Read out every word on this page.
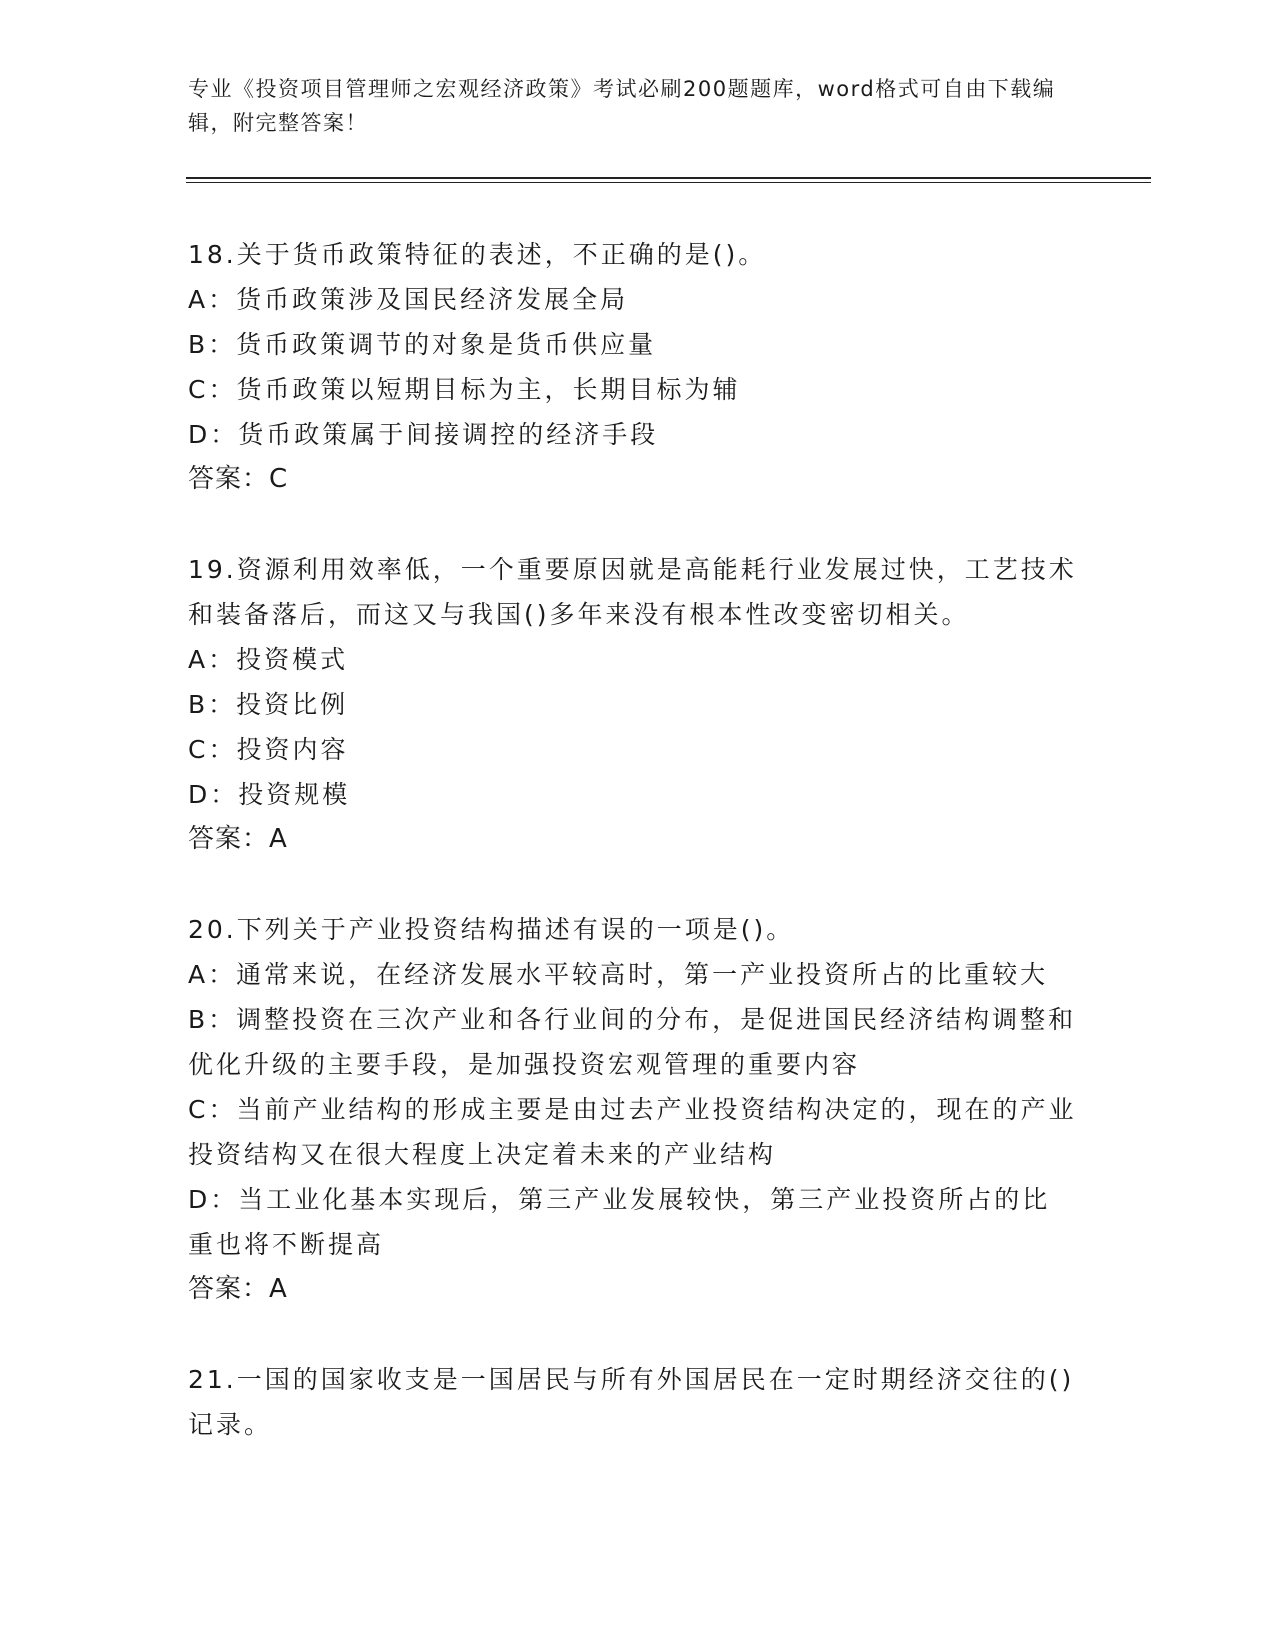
专业《投资项目管理师之宏观经济政策》考试必刷200题题库，word格式可自由下载编辑，附完整答案！
18.关于货币政策特征的表述，不正确的是()。
A：货币政策涉及国民经济发展全局
B：货币政策调节的对象是货币供应量
C：货币政策以短期目标为主，长期目标为辅
D：货币政策属于间接调控的经济手段
答案：C
19.资源利用效率低，一个重要原因就是高能耗行业发展过快，工艺技术和装备落后，而这又与我国()多年来没有根本性改变密切相关。
A：投资模式
B：投资比例
C：投资内容
D：投资规模
答案：A
20.下列关于产业投资结构描述有误的一项是()。
A：通常来说，在经济发展水平较高时，第一产业投资所占的比重较大
B：调整投资在三次产业和各行业间的分布，是促进国民经济结构调整和优化升级的主要手段，是加强投资宏观管理的重要内容
C：当前产业结构的形成主要是由过去产业投资结构决定的，现在的产业投资结构又在很大程度上决定着未来的产业结构
D：当工业化基本实现后，第三产业发展较快，第三产业投资所占的比重也将不断提高
答案：A
21.一国的国家收支是一国居民与所有外国居民在一定时期经济交往的()记录。
